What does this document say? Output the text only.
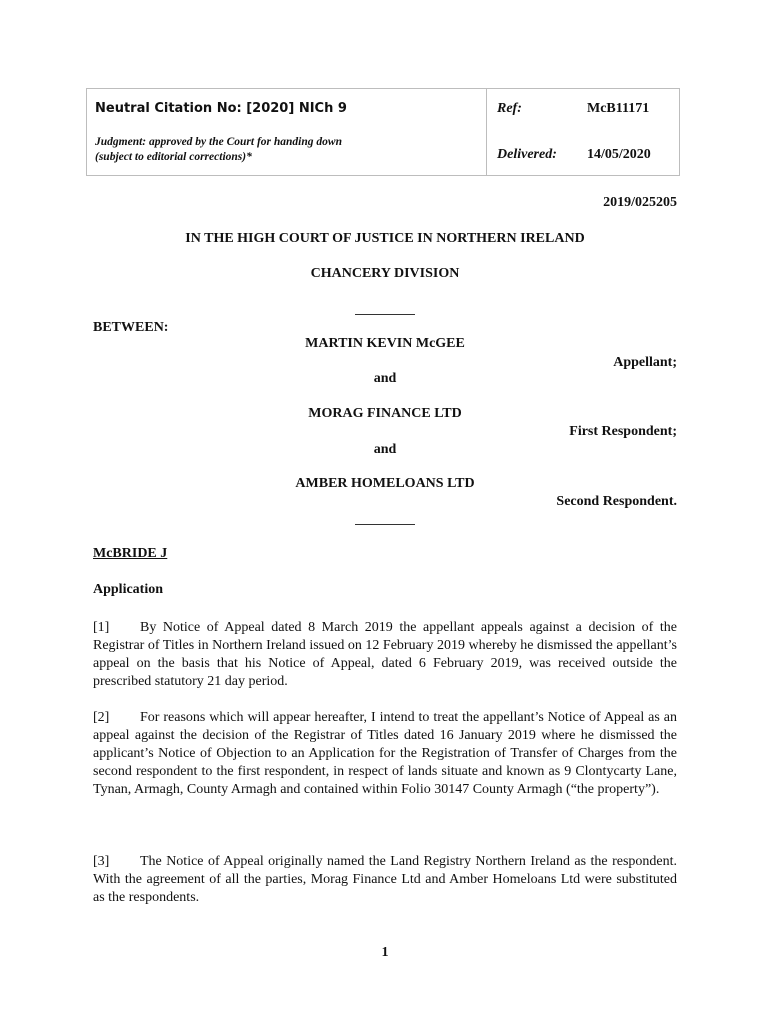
Neutral Citation No: [2020] NICh 9
Judgment: approved by the Court for handing down
(subject to editorial corrections)*
Ref:	McB11171
Delivered: 14/05/2020
2019/025205
IN THE HIGH COURT OF JUSTICE IN NORTHERN IRELAND
CHANCERY DIVISION
BETWEEN:
MARTIN KEVIN McGEE
Appellant;
and
MORAG FINANCE LTD
First Respondent;
and
AMBER HOMELOANS LTD
Second Respondent.
McBRIDE J
Application
[1] By Notice of Appeal dated 8 March 2019 the appellant appeals against a decision of the Registrar of Titles in Northern Ireland issued on 12 February 2019 whereby he dismissed the appellant’s appeal on the basis that his Notice of Appeal, dated 6 February 2019, was received outside the prescribed statutory 21 day period.
[2] For reasons which will appear hereafter, I intend to treat the appellant’s Notice of Appeal as an appeal against the decision of the Registrar of Titles dated 16 January 2019 where he dismissed the applicant’s Notice of Objection to an Application for the Registration of Transfer of Charges from the second respondent to the first respondent, in respect of lands situate and known as 9 Clontycarty Lane, Tynan, Armagh, County Armagh and contained within Folio 30147 County Armagh (“the property”).
[3] The Notice of Appeal originally named the Land Registry Northern Ireland as the respondent. With the agreement of all the parties, Morag Finance Ltd and Amber Homeloans Ltd were substituted as the respondents.
1
